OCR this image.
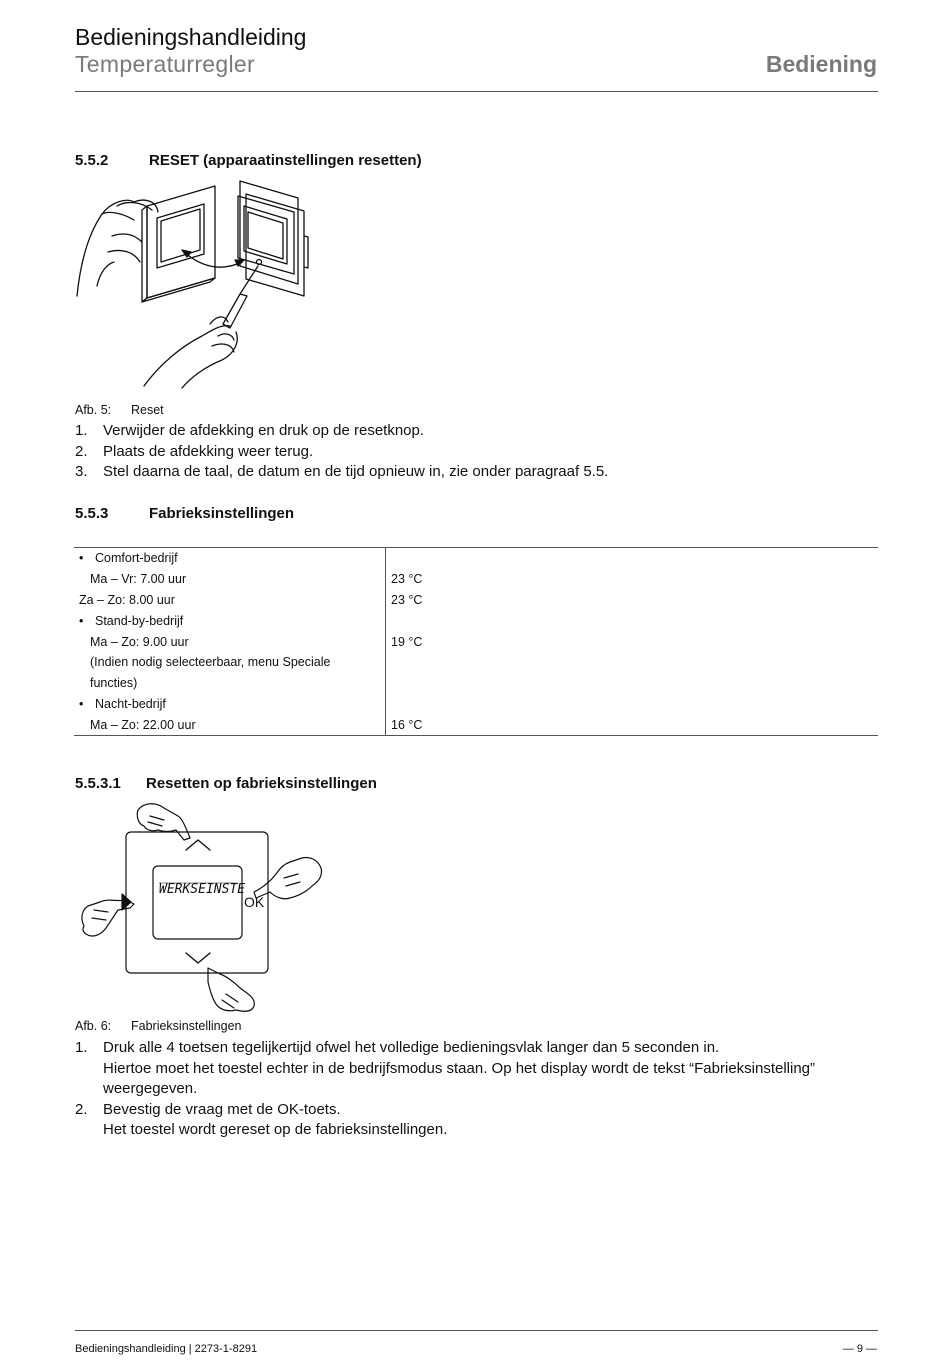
Bedieningshandleiding
Temperaturregler	Bediening
5.5.2	RESET (apparaatinstellingen resetten)
Afb. 5: Reset
1. Verwijder de afdekking en druk op de resetknop.
2. Plaats de afdekking weer terug.
3. Stel daarna de taal, de datum en de tijd opnieuw in, zie onder paragraaf 5.5.
5.5.3	Fabrieksinstellingen
• Comfort-bedrijf	
Ma – Vr: 7.00 uur	23 °C
Za – Zo: 8.00 uur	23 °C
• Stand-by-bedrijf	
Ma – Zo: 9.00 uur	19 °C
(Indien nodig selecteerbaar, menu Speciale	
functies)	
• Nacht-bedrijf	
Ma – Zo: 22.00 uur	16 °C
5.5.3.1 Resetten op fabrieksinstellingen
WERKSEINSTE
OK
Afb. 6: Fabrieksinstellingen
1. Druk alle 4 toetsen tegelijkertijd ofwel het volledige bedieningsvlak langer dan 5 seconden in.
Hiertoe moet het toestel echter in de bedrijfsmodus staan. Op het display wordt de tekst “Fabrieksinstelling”
weergegeven.
2. Bevestig de vraag met de OK-toets.
Het toestel wordt gereset op de fabrieksinstellingen.
Bedieningshandleiding | 2273-1-8291	— 9 —
